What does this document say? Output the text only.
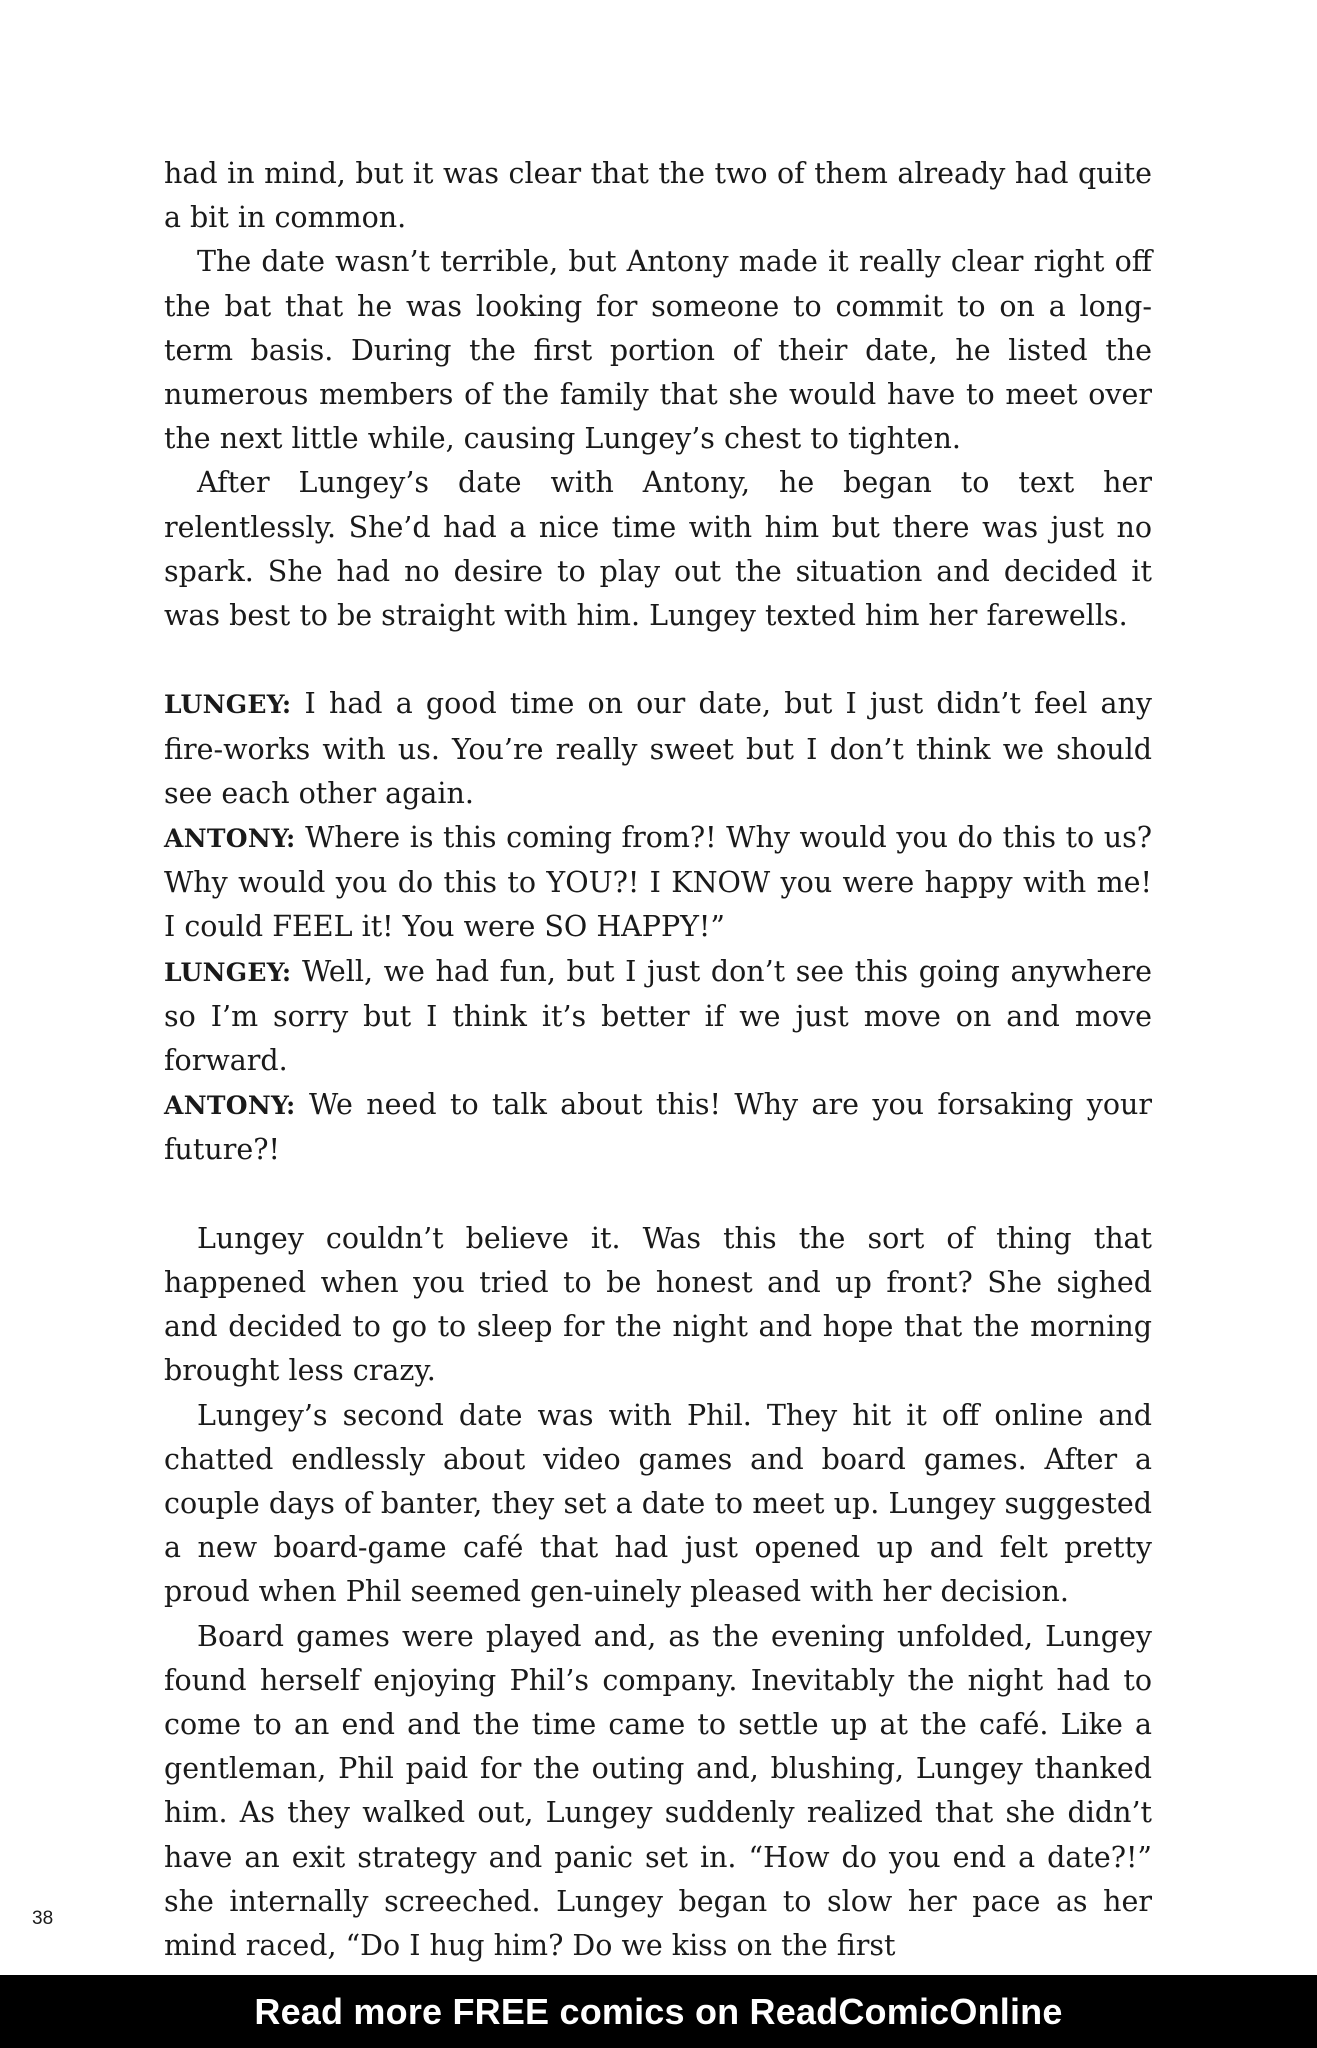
had in mind, but it was clear that the two of them already had quite a bit in common.

The date wasn’t terrible, but Antony made it really clear right off the bat that he was looking for someone to commit to on a long-term basis. During the first portion of their date, he listed the numerous members of the family that she would have to meet over the next little while, causing Lungey’s chest to tighten.

After Lungey’s date with Antony, he began to text her relentlessly. She’d had a nice time with him but there was just no spark. She had no desire to play out the situation and decided it was best to be straight with him. Lungey texted him her farewells.

LUNGEY: I had a good time on our date, but I just didn’t feel any fire-works with us. You’re really sweet but I don’t think we should see each other again.

ANTONY: Where is this coming from?! Why would you do this to us? Why would you do this to YOU?! I KNOW you were happy with me! I could FEEL it! You were SO HAPPY!”

LUNGEY: Well, we had fun, but I just don’t see this going anywhere so I’m sorry but I think it’s better if we just move on and move forward.

ANTONY: We need to talk about this! Why are you forsaking your future?!

Lungey couldn’t believe it. Was this the sort of thing that happened when you tried to be honest and up front? She sighed and decided to go to sleep for the night and hope that the morning brought less crazy.

Lungey’s second date was with Phil. They hit it off online and chatted endlessly about video games and board games. After a couple days of banter, they set a date to meet up. Lungey suggested a new board-game café that had just opened up and felt pretty proud when Phil seemed gen-uinely pleased with her decision.

Board games were played and, as the evening unfolded, Lungey found herself enjoying Phil’s company. Inevitably the night had to come to an end and the time came to settle up at the café. Like a gentleman, Phil paid for the outing and, blushing, Lungey thanked him. As they walked out, Lungey suddenly realized that she didn’t have an exit strategy and panic set in. “How do you end a date?!” she internally screeched. Lungey began to slow her pace as her mind raced, “Do I hug him? Do we kiss on the first

38
Read more FREE comics on ReadComicOnline
